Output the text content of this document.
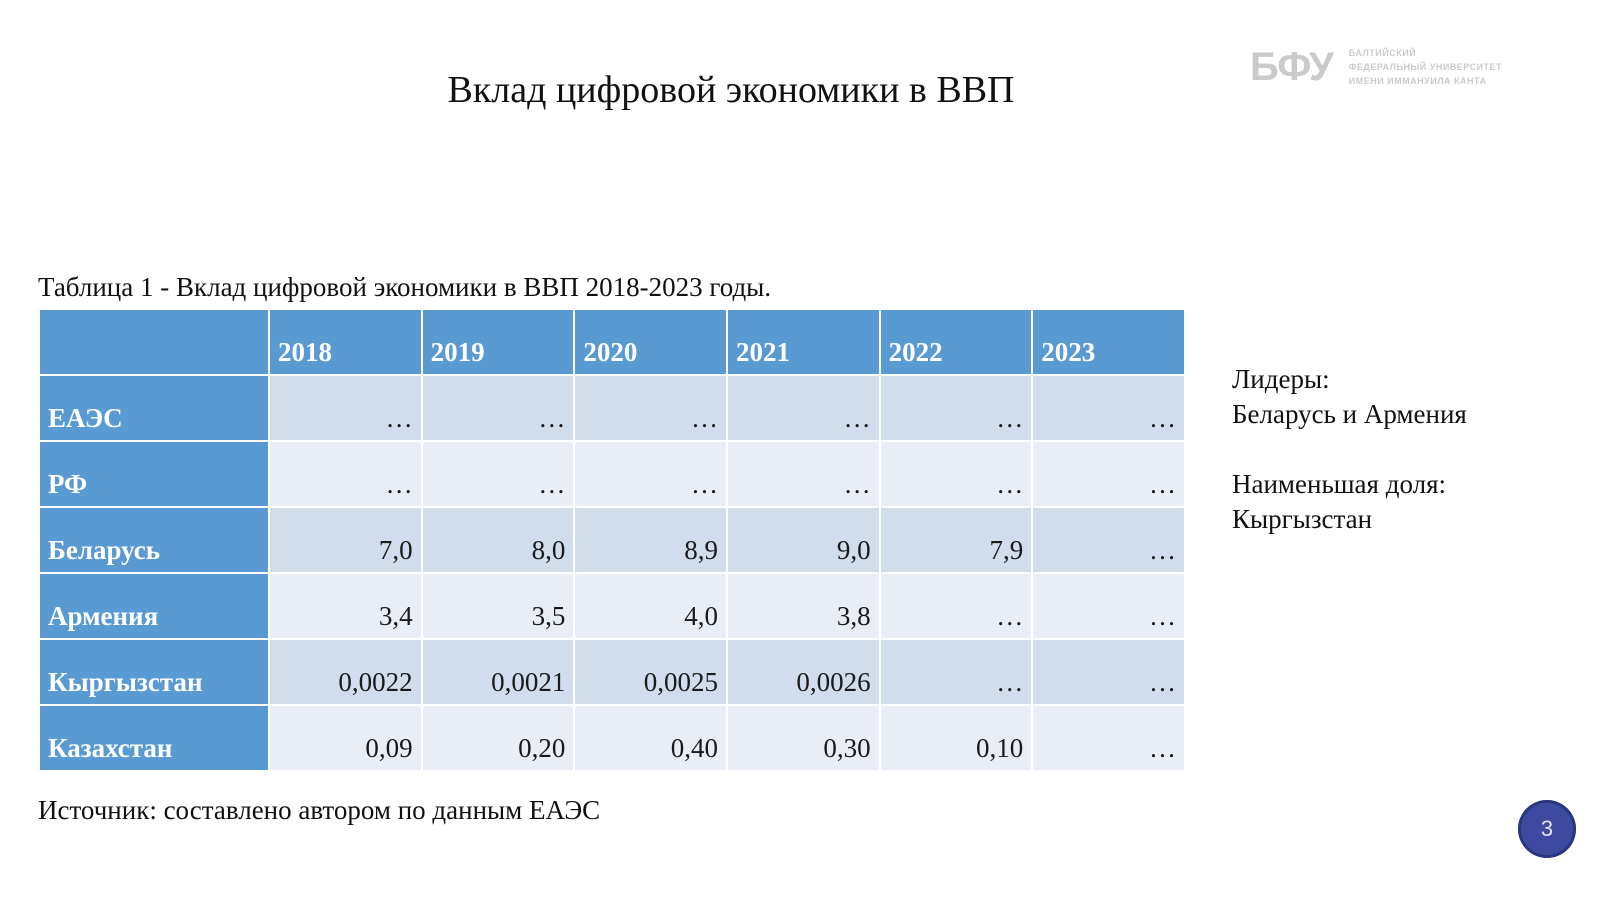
Вклад цифровой экономики в ВВП
БФУ БАЛТИЙСКИЙ
ФЕДЕРАЛЬНЫЙ УНИВЕРСИТЕТ
ИМЕНИ ИММАНУИЛА КАНТА
Таблица 1 - Вклад цифровой экономики в ВВП 2018-2023 годы.
	2018	2019	2020	2021	2022	2023
ЕАЭС	…	…	…	…	…	…
РФ	…	…	…	…	…	…
Беларусь	7,0	8,0	8,9	9,0	7,9	…
Армения	3,4	3,5	4,0	3,8	…	…
Кыргызстан	0,0022	0,0021	0,0025	0,0026	…	…
Казахстан	0,09	0,20	0,40	0,30	0,10	…
Источник: составлено автором по данным ЕАЭС
Лидеры:
Беларусь и Армения
Наименьшая доля:
Кыргызстан
3
